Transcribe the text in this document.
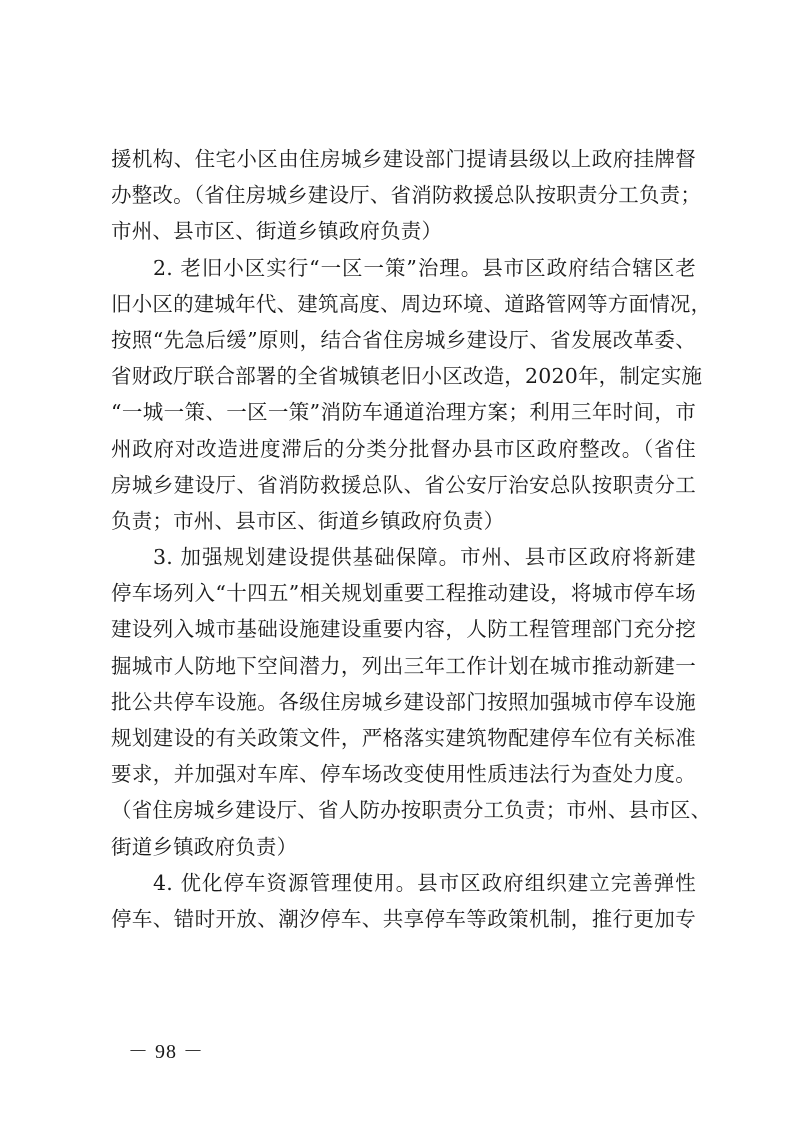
援机构、住宅小区由住房城乡建设部门提请县级以上政府挂牌督
办整改。（省住房城乡建设厅、省消防救援总队按职责分工负责；
市州、县市区、街道乡镇政府负责）
2. 老旧小区实行“一区一策”治理。县市区政府结合辖区老
旧小区的建城年代、建筑高度、周边环境、道路管网等方面情况，
按照“先急后缓”原则，结合省住房城乡建设厅、省发展改革委、
省财政厅联合部署的全省城镇老旧小区改造，2020年，制定实施
“一城一策、一区一策”消防车通道治理方案；利用三年时间，市
州政府对改造进度滞后的分类分批督办县市区政府整改。（省住
房城乡建设厅、省消防救援总队、省公安厅治安总队按职责分工
负责；市州、县市区、街道乡镇政府负责）
3. 加强规划建设提供基础保障。市州、县市区政府将新建
停车场列入“十四五”相关规划重要工程推动建设，将城市停车场
建设列入城市基础设施建设重要内容，人防工程管理部门充分挖
掘城市人防地下空间潜力，列出三年工作计划在城市推动新建一
批公共停车设施。各级住房城乡建设部门按照加强城市停车设施
规划建设的有关政策文件，严格落实建筑物配建停车位有关标准
要求，并加强对车库、停车场改变使用性质违法行为查处力度。
（省住房城乡建设厅、省人防办按职责分工负责；市州、县市区、
街道乡镇政府负责）
4. 优化停车资源管理使用。县市区政府组织建立完善弹性
停车、错时开放、潮汐停车、共享停车等政策机制，推行更加专
－ 98 －
